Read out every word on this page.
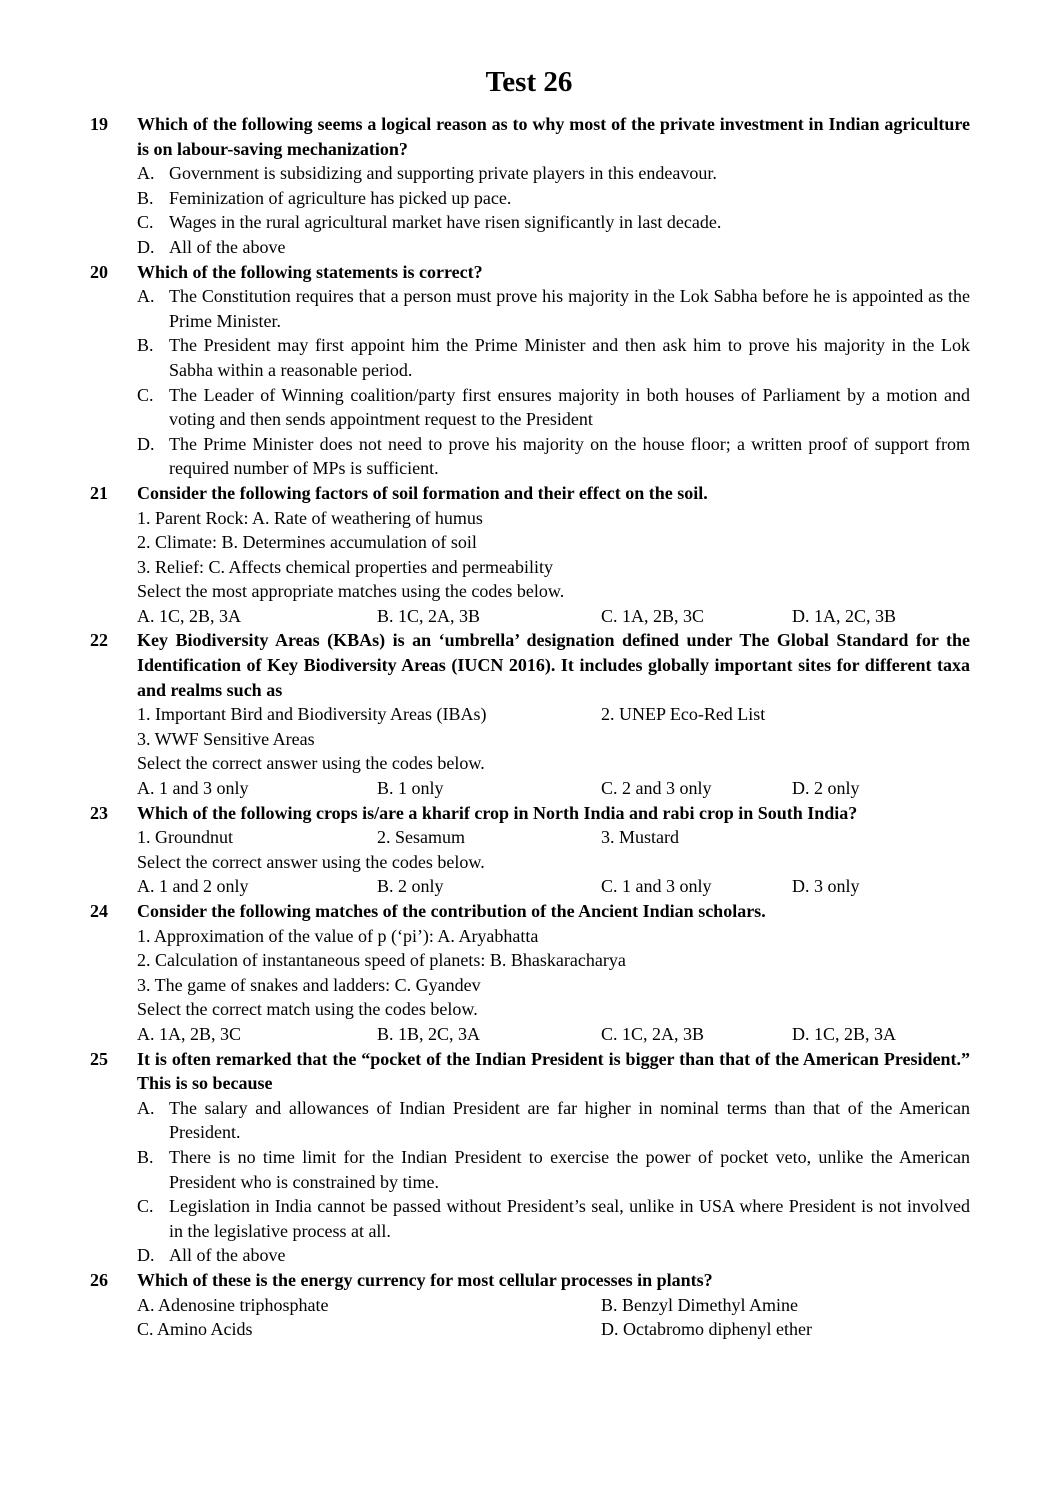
Test 26
19	Which of the following seems a logical reason as to why most of the private investment in Indian agriculture is on labour-saving mechanization?
A. Government is subsidizing and supporting private players in this endeavour.
B. Feminization of agriculture has picked up pace.
C. Wages in the rural agricultural market have risen significantly in last decade.
D. All of the above
20	Which of the following statements is correct?
A. The Constitution requires that a person must prove his majority in the Lok Sabha before he is appointed as the Prime Minister.
B. The President may first appoint him the Prime Minister and then ask him to prove his majority in the Lok Sabha within a reasonable period.
C. The Leader of Winning coalition/party first ensures majority in both houses of Parliament by a motion and voting and then sends appointment request to the President
D. The Prime Minister does not need to prove his majority on the house floor; a written proof of support from required number of MPs is sufficient.
21	Consider the following factors of soil formation and their effect on the soil.
1. Parent Rock: A. Rate of weathering of humus
2. Climate: B. Determines accumulation of soil
3. Relief: C. Affects chemical properties and permeability
Select the most appropriate matches using the codes below.
A. 1C, 2B, 3A	B. 1C, 2A, 3B	C. 1A, 2B, 3C	D. 1A, 2C, 3B
22	Key Biodiversity Areas (KBAs) is an ‘umbrella’ designation defined under The Global Standard for the Identification of Key Biodiversity Areas (IUCN 2016). It includes globally important sites for different taxa and realms such as
1. Important Bird and Biodiversity Areas (IBAs)	2. UNEP Eco-Red List
3. WWF Sensitive Areas
Select the correct answer using the codes below.
A. 1 and 3 only	B. 1 only	C. 2 and 3 only	D. 2 only
23	Which of the following crops is/are a kharif crop in North India and rabi crop in South India?
1. Groundnut	2. Sesamum	3. Mustard
Select the correct answer using the codes below.
A. 1 and 2 only	B. 2 only	C. 1 and 3 only	D. 3 only
24	Consider the following matches of the contribution of the Ancient Indian scholars.
1. Approximation of the value of p (‘pi’): A. Aryabhatta
2. Calculation of instantaneous speed of planets: B. Bhaskaracharya
3. The game of snakes and ladders: C. Gyandev
Select the correct match using the codes below.
A. 1A, 2B, 3C	B. 1B, 2C, 3A	C. 1C, 2A, 3B	D. 1C, 2B, 3A
25	It is often remarked that the “pocket of the Indian President is bigger than that of the American President.” This is so because
A. The salary and allowances of Indian President are far higher in nominal terms than that of the American President.
B. There is no time limit for the Indian President to exercise the power of pocket veto, unlike the American President who is constrained by time.
C. Legislation in India cannot be passed without President’s seal, unlike in USA where President is not involved in the legislative process at all.
D. All of the above
26	Which of these is the energy currency for most cellular processes in plants?
A. Adenosine triphosphate	B. Benzyl Dimethyl Amine
C. Amino Acids	D. Octabromo diphenyl ether
